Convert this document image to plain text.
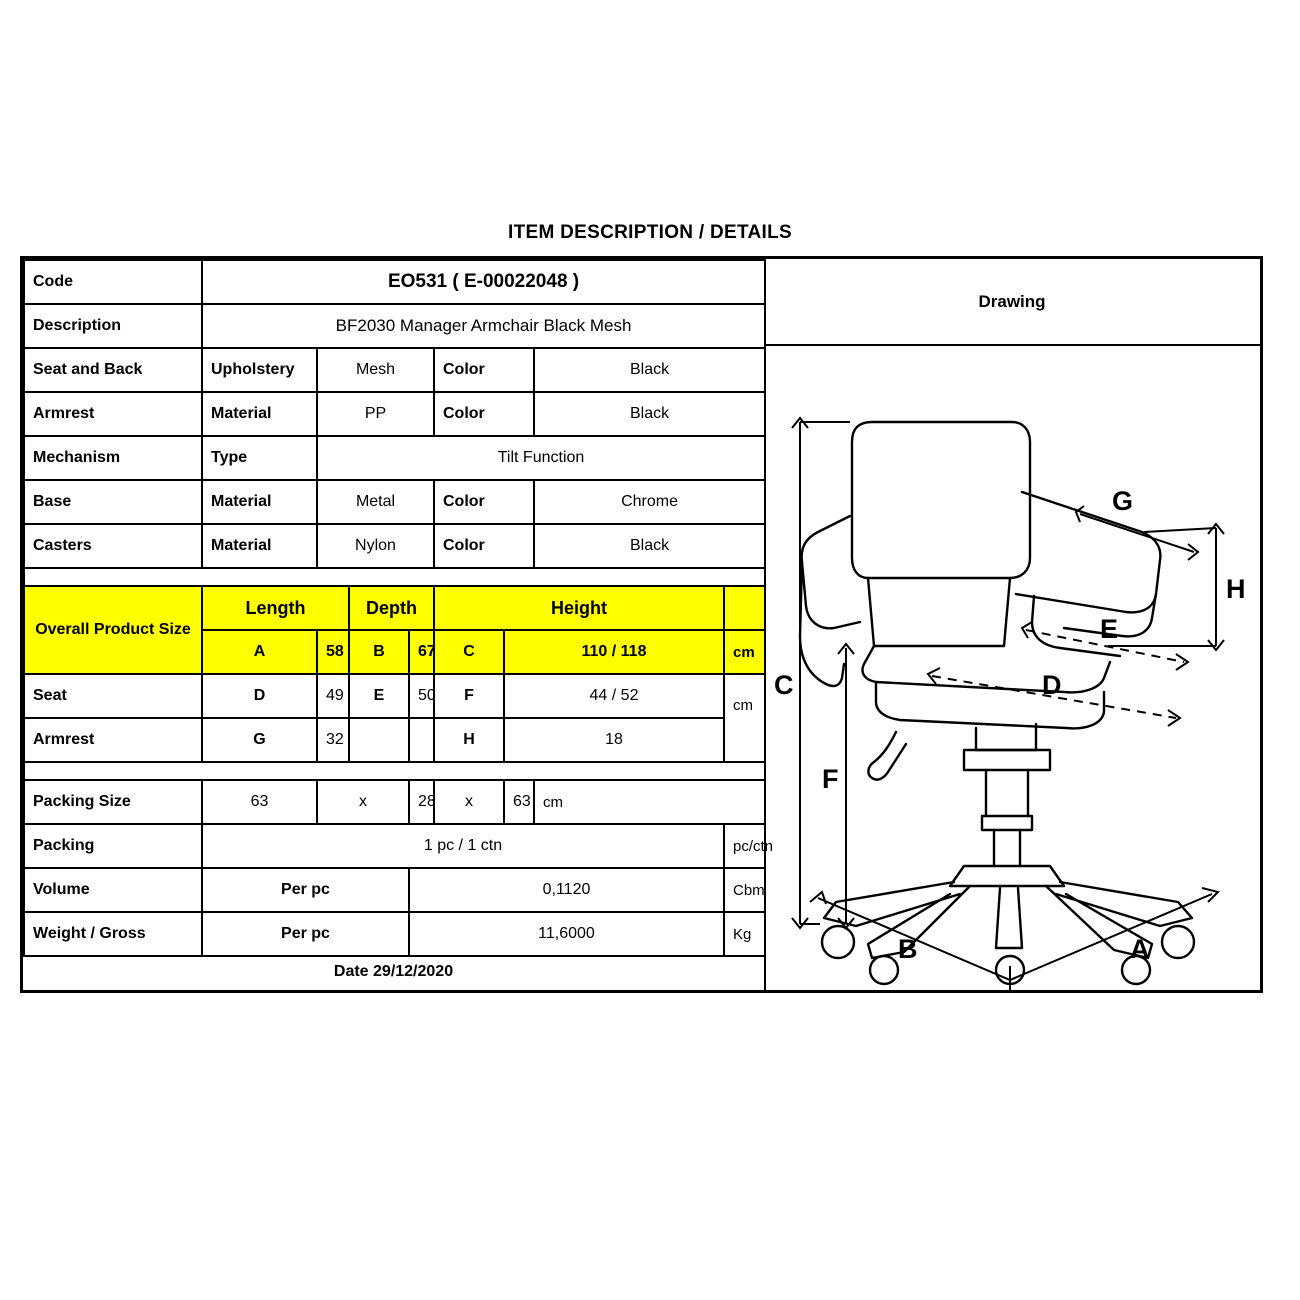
ITEM DESCRIPTION / DETAILS
Code	EO531 ( E-00022048 )							
Description	BF2030 Manager Armchair Black Mesh							
Seat and Back	Upholstery	Mesh			Color		Black	
Armrest	Material	PP			Color		Black	
Mechanism	Type	Tilt Function						
Base	Material	Metal			Color		Chrome	
Casters	Material	Nylon			Color		Black	

Overall Product Size	Length		Depth		Height			
	A	58	B	67	C	110 / 118		cm
Seat	D	49	E	50	F	44 / 52		cm
Armrest	G	32			H	18		

Packing Size	63	x		28	x	63	cm	
Packing	1 pc / 1 ctn							pc/ctn
Volume	Per pc			0,1120				Cbm
Weight / Gross	Per pc			11,6000				Kg
Date 29/12/2020
Drawing
C
F
H
G
E
D
B	A
